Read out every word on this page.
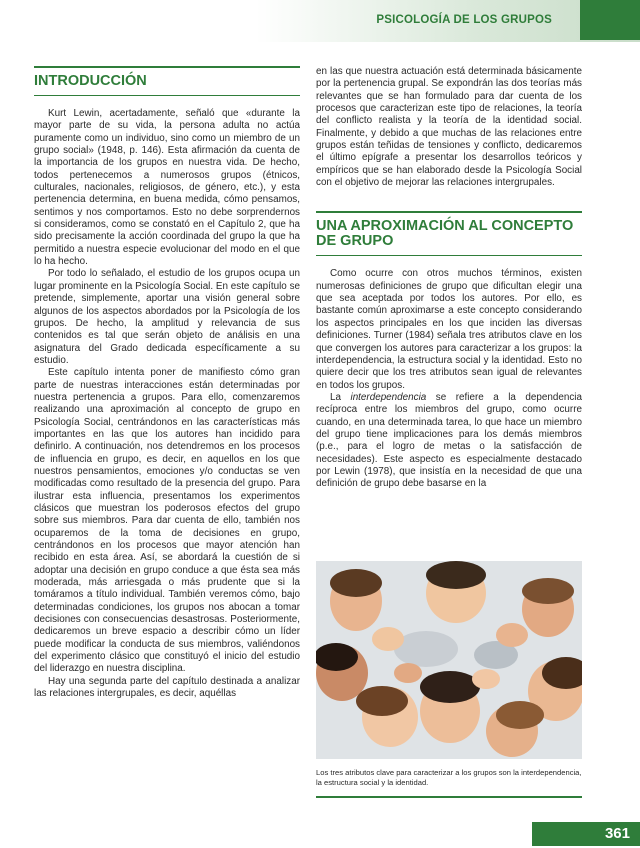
PSICOLOGÍA DE LOS GRUPOS
INTRODUCCIÓN

Kurt Lewin, acertadamente, señaló que «durante la mayor parte de su vida, la persona adulta no actúa puramente como un individuo, sino como un miembro de un grupo social» (1948, p. 146). Esta afirmación da cuenta de la importancia de los grupos en nuestra vida. De hecho, todos pertenecemos a numerosos grupos (étnicos, culturales, nacionales, religiosos, de género, etc.), y esta pertenencia determina, en buena medida, cómo pensamos, sentimos y nos comportamos. Esto no debe sorprendernos si consideramos, como se constató en el Capítulo 2, que ha sido precisamente la acción coordinada del grupo la que ha permitido a nuestra especie evolucionar del modo en el que lo ha hecho.

Por todo lo señalado, el estudio de los grupos ocupa un lugar prominente en la Psicología Social. En este capítulo se pretende, simplemente, aportar una visión general sobre algunos de los aspectos abordados por la Psicología de los grupos. De hecho, la amplitud y relevancia de sus contenidos es tal que serán objeto de análisis en una asignatura del Grado dedicada específicamente a su estudio.

Este capítulo intenta poner de manifiesto cómo gran parte de nuestras interacciones están determinadas por nuestra pertenencia a grupos. Para ello, comenzaremos realizando una aproximación al concepto de grupo en Psicología Social, centrándonos en las características más importantes en las que los autores han incidido para definirlo. A continuación, nos detendremos en los procesos de influencia en grupo, es decir, en aquellos en los que nuestros pensamientos, emociones y/o conductas se ven modificadas como resultado de la presencia del grupo. Para ilustrar esta influencia, presentamos los experimentos clásicos que muestran los poderosos efectos del grupo sobre sus miembros. Para dar cuenta de ello, también nos ocuparemos de la toma de decisiones en grupo, centrándonos en los procesos que mayor atención han recibido en esta área. Así, se abordará la cuestión de si adoptar una decisión en grupo conduce a que ésta sea más moderada, más arriesgada o más prudente que si la tomáramos a título individual. También veremos cómo, bajo determinadas condiciones, los grupos nos abocan a tomar decisiones con consecuencias desastrosas. Posteriormente, dedicaremos un breve espacio a describir cómo un líder puede modificar la conducta de sus miembros, valiéndonos del experimento clásico que constituyó el inicio del estudio del liderazgo en nuestra disciplina.

Hay una segunda parte del capítulo destinada a analizar las relaciones intergrupales, es decir, aquéllas

en las que nuestra actuación está determinada básicamente por la pertenencia grupal. Se expondrán las dos teorías más relevantes que se han formulado para dar cuenta de los procesos que caracterizan este tipo de relaciones, la teoría del conflicto realista y la teoría de la identidad social. Finalmente, y debido a que muchas de las relaciones entre grupos están teñidas de tensiones y conflicto, dedicaremos el último epígrafe a presentar los desarrollos teóricos y empíricos que se han elaborado desde la Psicología Social con el objetivo de mejorar las relaciones intergrupales.

UNA APROXIMACIÓN AL CONCEPTO
DE GRUPO

Como ocurre con otros muchos términos, existen numerosas definiciones de grupo que dificultan elegir una que sea aceptada por todos los autores. Por ello, es bastante común aproximarse a este concepto considerando los aspectos principales en los que inciden las diversas definiciones. Turner (1984) señala tres atributos clave en los que convergen los autores para caracterizar a los grupos: la interdependencia, la estructura social y la identidad. Esto no quiere decir que los tres atributos sean igual de relevantes en todos los grupos.

La interdependencia se refiere a la dependencia recíproca entre los miembros del grupo, como ocurre cuando, en una determinada tarea, lo que hace un miembro del grupo tiene implicaciones para los demás miembros (p.e., para el logro de metas o la satisfacción de necesidades). Este aspecto es especialmente destacado por Lewin (1978), que insistía en la necesidad de que una definición de grupo debe basarse en la

Los tres atributos clave para caracterizar a los grupos son la interdependencia, la estructura social y la identidad.
361
